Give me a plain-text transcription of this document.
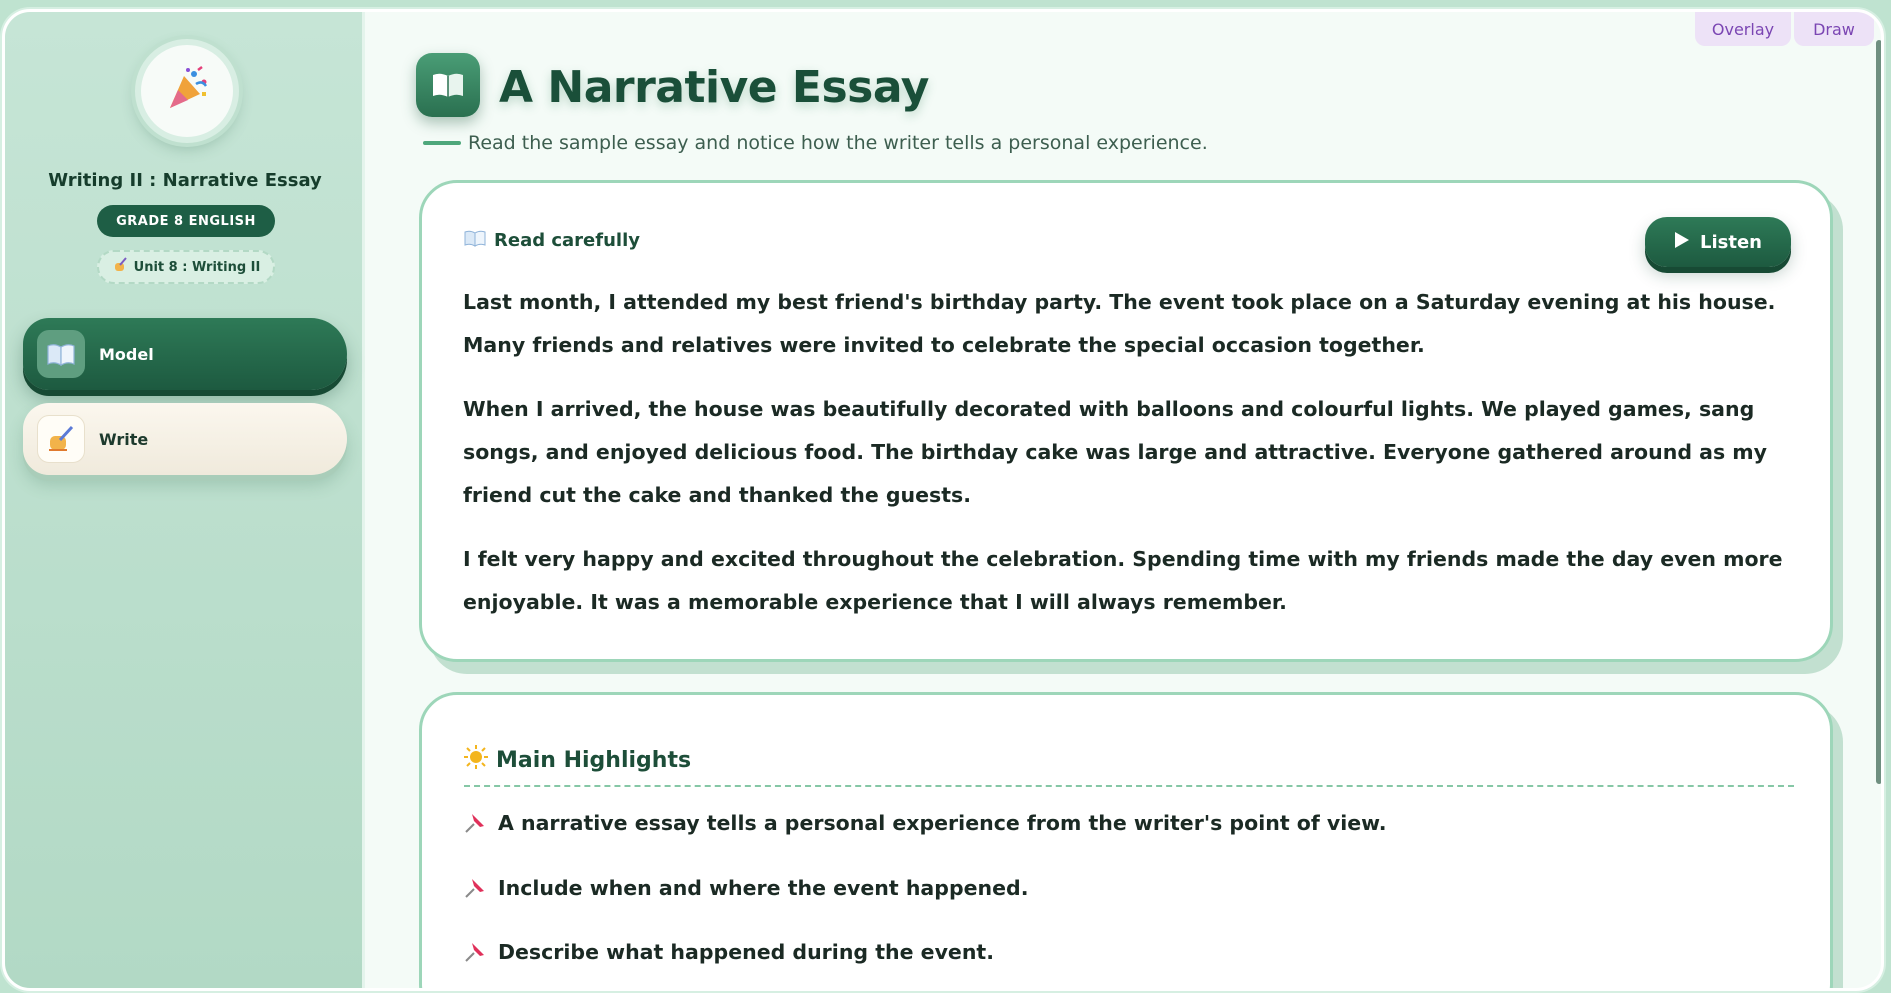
Writing II : Narrative Essay
GRADE 8 ENGLISH
Unit 8 : Writing II
Model
Write
Overlay	Draw
A Narrative Essay
Read the sample essay and notice how the writer tells a personal experience.
Read carefully	Listen

Last month, I attended my best friend's birthday party. The event took place on a Saturday evening at his house. Many friends and relatives were invited to celebrate the special occasion together.

When I arrived, the house was beautifully decorated with balloons and colourful lights. We played games, sang songs, and enjoyed delicious food. The birthday cake was large and attractive. Everyone gathered around as my friend cut the cake and thanked the guests.

I felt very happy and excited throughout the celebration. Spending time with my friends made the day even more enjoyable. It was a memorable experience that I will always remember.

Main Highlights
A narrative essay tells a personal experience from the writer's point of view.
Include when and where the event happened.
Describe what happened during the event.
